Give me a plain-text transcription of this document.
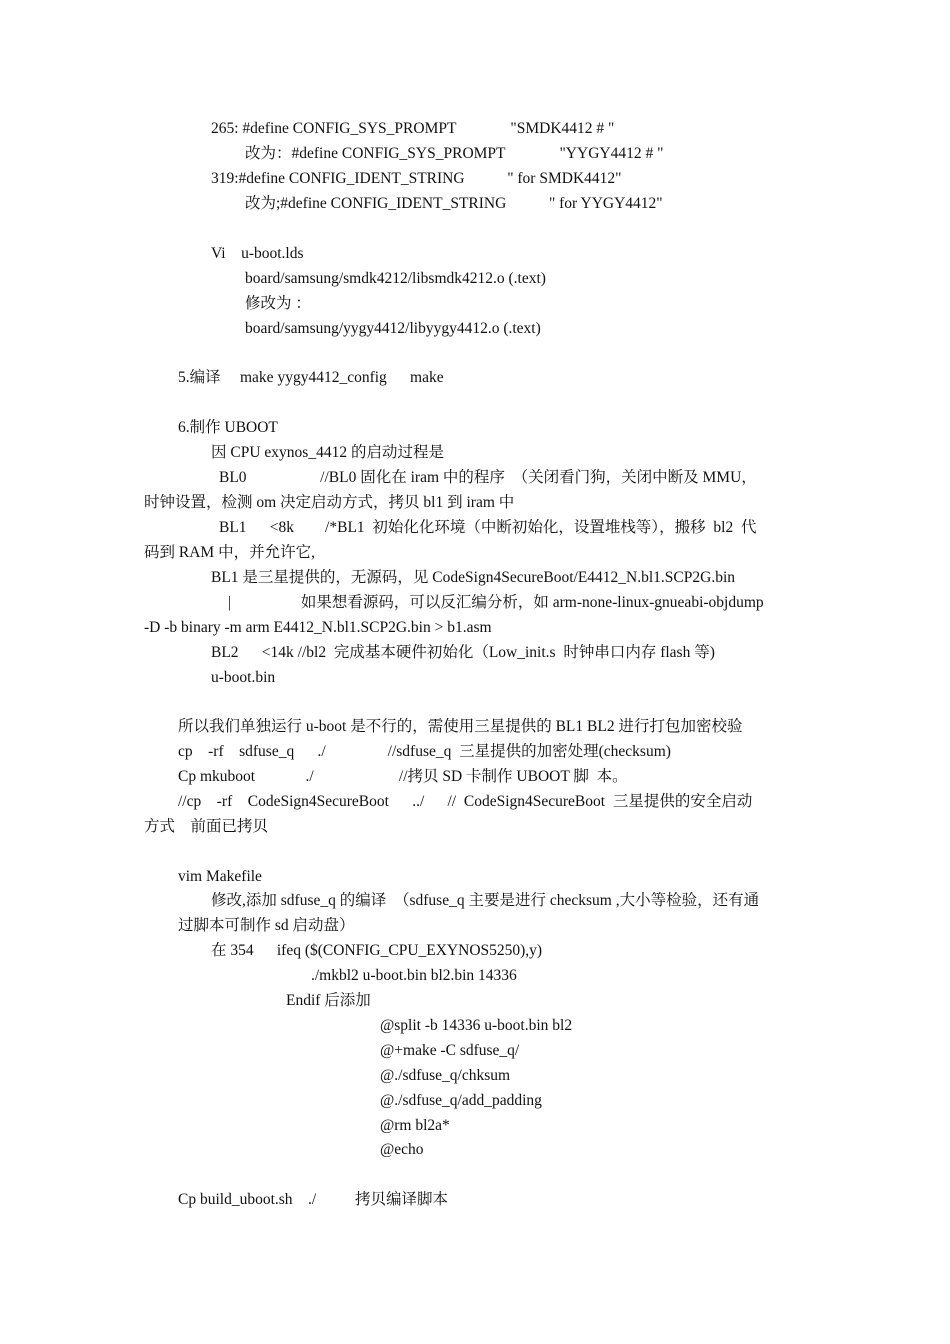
265: #define CONFIG_SYS_PROMPT              "SMDK4412 # "
改为：#define CONFIG_SYS_PROMPT              "YYGY4412 # "
319:#define CONFIG_IDENT_STRING           " for SMDK4412"
改为;#define CONFIG_IDENT_STRING           " for YYGY4412"
Vi    u-boot.lds
board/samsung/smdk4212/libsmdk4212.o (.text)
修改为 ：
board/samsung/yygy4412/libyygy4412.o (.text)
5.编译     make yygy4412_config      make
6.制作 UBOOT
因 CPU exynos_4412 的启动过程是
BL0                   //BL0 固化在 iram 中的程序  （关闭看门狗，关闭中断及 MMU，
时钟设置，检测 om 决定启动方式，拷贝 bl1 到 iram 中
BL1      <8k        /*BL1  初始化化环境（中断初始化，设置堆栈等），搬移  bl2  代
码到 RAM 中，并允许它,
BL1 是三星提供的，无源码，见 CodeSign4SecureBoot/E4412_N.bl1.SCP2G.bin
|                  如果想看源码，可以反汇编分析，如 arm-none-linux-gnueabi-objdump
-D -b binary -m arm E4412_N.bl1.SCP2G.bin > b1.asm
BL2      <14k //bl2  完成基本硬件初始化（Low_init.s  时钟串口内存 flash 等)
u-boot.bin
所以我们单独运行 u-boot 是不行的，需使用三星提供的 BL1 BL2 进行打包加密校验
cp    -rf    sdfuse_q      ./                //sdfuse_q  三星提供的加密处理(checksum)
Cp mkuboot             ./                      //拷贝 SD 卡制作 UBOOT 脚  本。
//cp    -rf    CodeSign4SecureBoot      ../      //  CodeSign4SecureBoot  三星提供的安全启动
方式    前面已拷贝
vim Makefile
修改,添加 sdfuse_q 的编译  （sdfuse_q 主要是进行 checksum ,大小等检验，还有通
过脚本可制作 sd 启动盘）
在 354      ifeq ($(CONFIG_CPU_EXYNOS5250),y)
./mkbl2 u-boot.bin bl2.bin 14336
Endif 后添加
@split -b 14336 u-boot.bin bl2
@+make -C sdfuse_q/
@./sdfuse_q/chksum
@./sdfuse_q/add_padding
@rm bl2a*
@echo
Cp build_uboot.sh    ./          拷贝编译脚本
